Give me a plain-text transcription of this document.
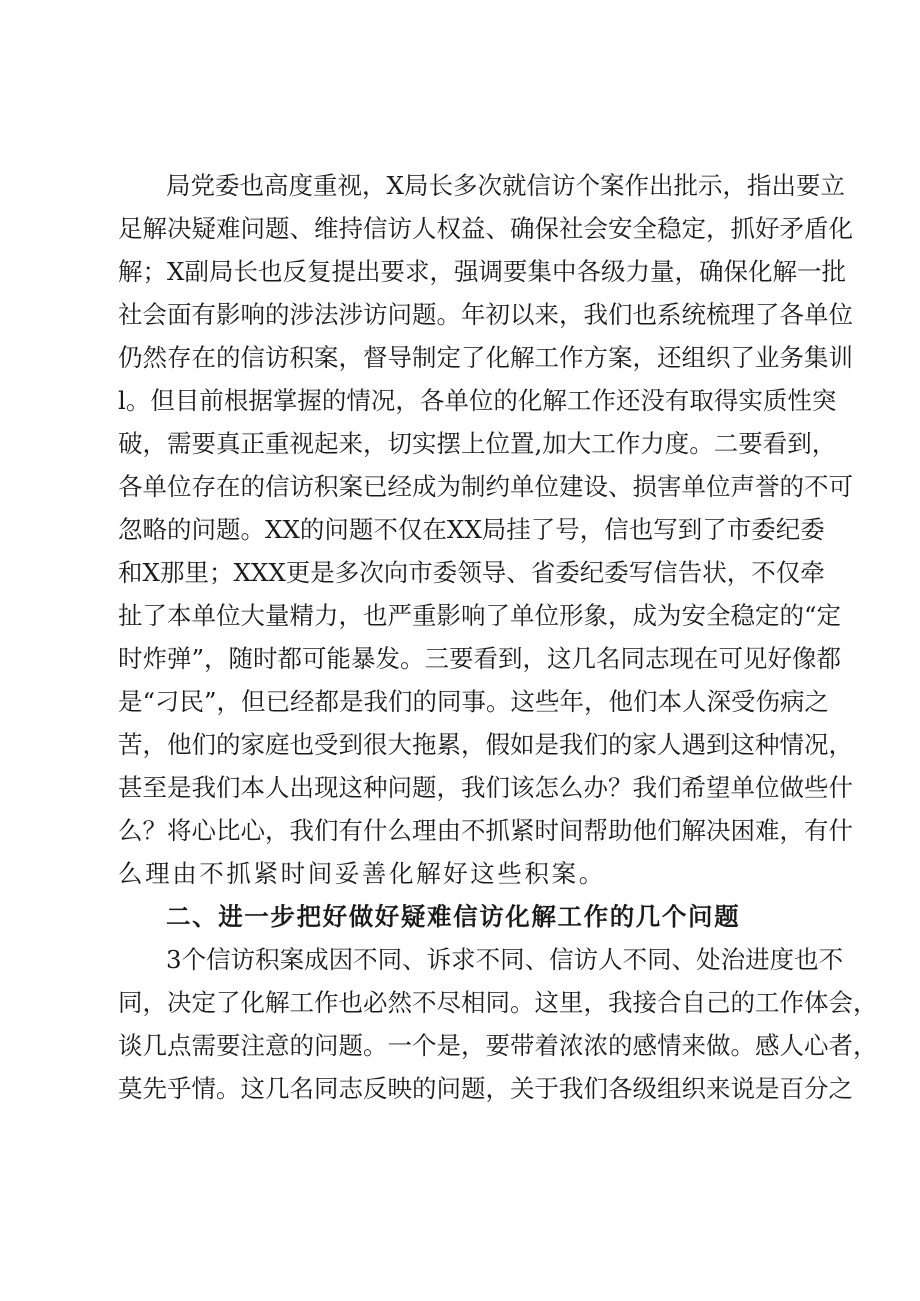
局党委也高度重视，X局长多次就信访个案作出批示，指出要立
足解决疑难问题、维持信访人权益、确保社会安全稳定，抓好矛盾化
解；X副局长也反复提出要求，强调要集中各级力量，确保化解一批
社会面有影响的涉法涉访问题。年初以来，我们也系统梳理了各单位
仍然存在的信访积案，督导制定了化解工作方案，还组织了业务集训
l。但目前根据掌握的情况，各单位的化解工作还没有取得实质性突
破，需要真正重视起来，切实摆上位置,加大工作力度。二要看到，
各单位存在的信访积案已经成为制约单位建设、损害单位声誉的不可
忽略的问题。XX的问题不仅在XX局挂了号，信也写到了市委纪委
和X那里；XXX更是多次向市委领导、省委纪委写信告状，不仅牵
扯了本单位大量精力，也严重影响了单位形象，成为安全稳定的“定
时炸弹”，随时都可能暴发。三要看到，这几名同志现在可见好像都
是“刁民”，但已经都是我们的同事。这些年，他们本人深受伤病之
苦，他们的家庭也受到很大拖累，假如是我们的家人遇到这种情况，
甚至是我们本人出现这种问题，我们该怎么办？我们希望单位做些什
么？将心比心，我们有什么理由不抓紧时间帮助他们解决困难，有什
么理由不抓紧时间妥善化解好这些积案。
二、进一步把好做好疑难信访化解工作的几个问题
3个信访积案成因不同、诉求不同、信访人不同、处治进度也不
同，决定了化解工作也必然不尽相同。这里，我接合自己的工作体会，
谈几点需要注意的问题。一个是，要带着浓浓的感情来做。感人心者，
莫先乎情。这几名同志反映的问题，关于我们各级组织来说是百分之
